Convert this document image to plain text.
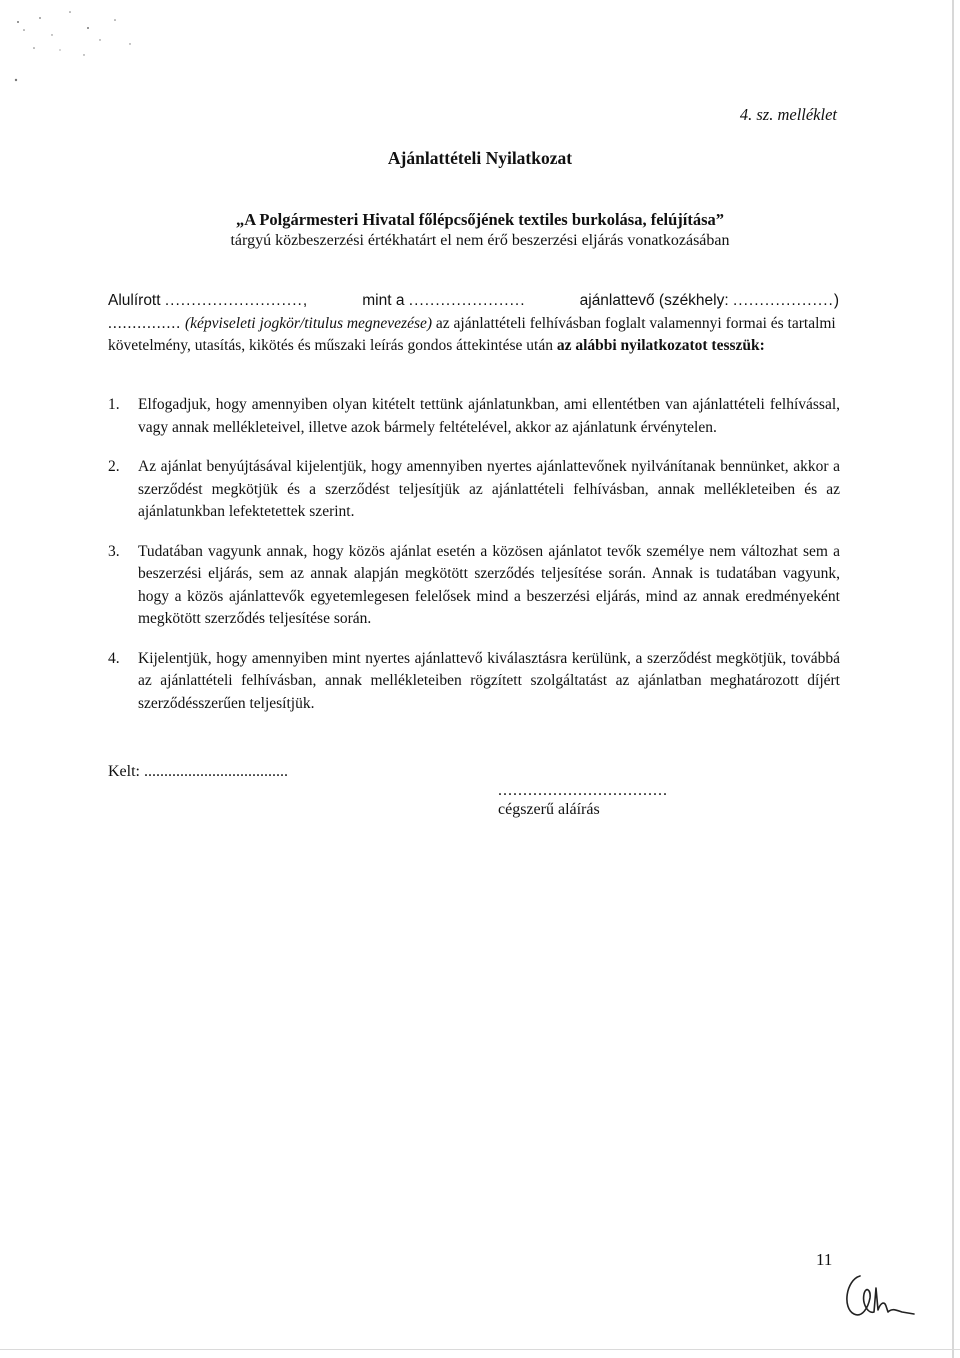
4. sz. melléklet
Ajánlattételi Nyilatkozat
„A Polgármesteri Hivatal főlépcsőjének textiles burkolása, felújítása”
tárgyú közbeszerzési értékhatárt el nem érő beszerzési eljárás vonatkozásában
Alulírott ..........................,	mint a ......................	ajánlattevő (székhely: ...................)
............... (képviseleti jogkör/titulus megnevezése) az ajánlattételi felhívásban foglalt valamennyi formai és tartalmi követelmény, utasítás, kikötés és műszaki leírás gondos áttekintése után az alábbi nyilatkozatot tesszük:
1.	Elfogadjuk, hogy amennyiben olyan kitételt tettünk ajánlatunkban, ami ellentétben van ajánlattételi felhívással, vagy annak mellékleteivel, illetve azok bármely feltételével, akkor az ajánlatunk érvénytelen.
2.	Az ajánlat benyújtásával kijelentjük, hogy amennyiben nyertes ajánlattevőnek nyilvánítanak bennünket, akkor a szerződést megkötjük és a szerződést teljesítjük az ajánlattételi felhívásban, annak mellékleteiben és az ajánlatunkban lefektetettek szerint.
3.	Tudatában vagyunk annak, hogy közös ajánlat esetén a közösen ajánlatot tevők személye nem változhat sem a beszerzési eljárás, sem az annak alapján megkötött szerződés teljesítése során. Annak is tudatában vagyunk, hogy a közös ajánlattevők egyetemlegesen felelősek mind a beszerzési eljárás, mind az annak eredményeként megkötött szerződés teljesítése során.
4.	Kijelentjük, hogy amennyiben mint nyertes ajánlattevő kiválasztásra kerülünk, a szerződést megkötjük, továbbá az ajánlattételi felhívásban, annak mellékleteiben rögzített szolgáltatást az ajánlatban meghatározott díjért szerződésszerűen teljesítjük.
Kelt: ....................................
..................................
cégszerű aláírás
11
